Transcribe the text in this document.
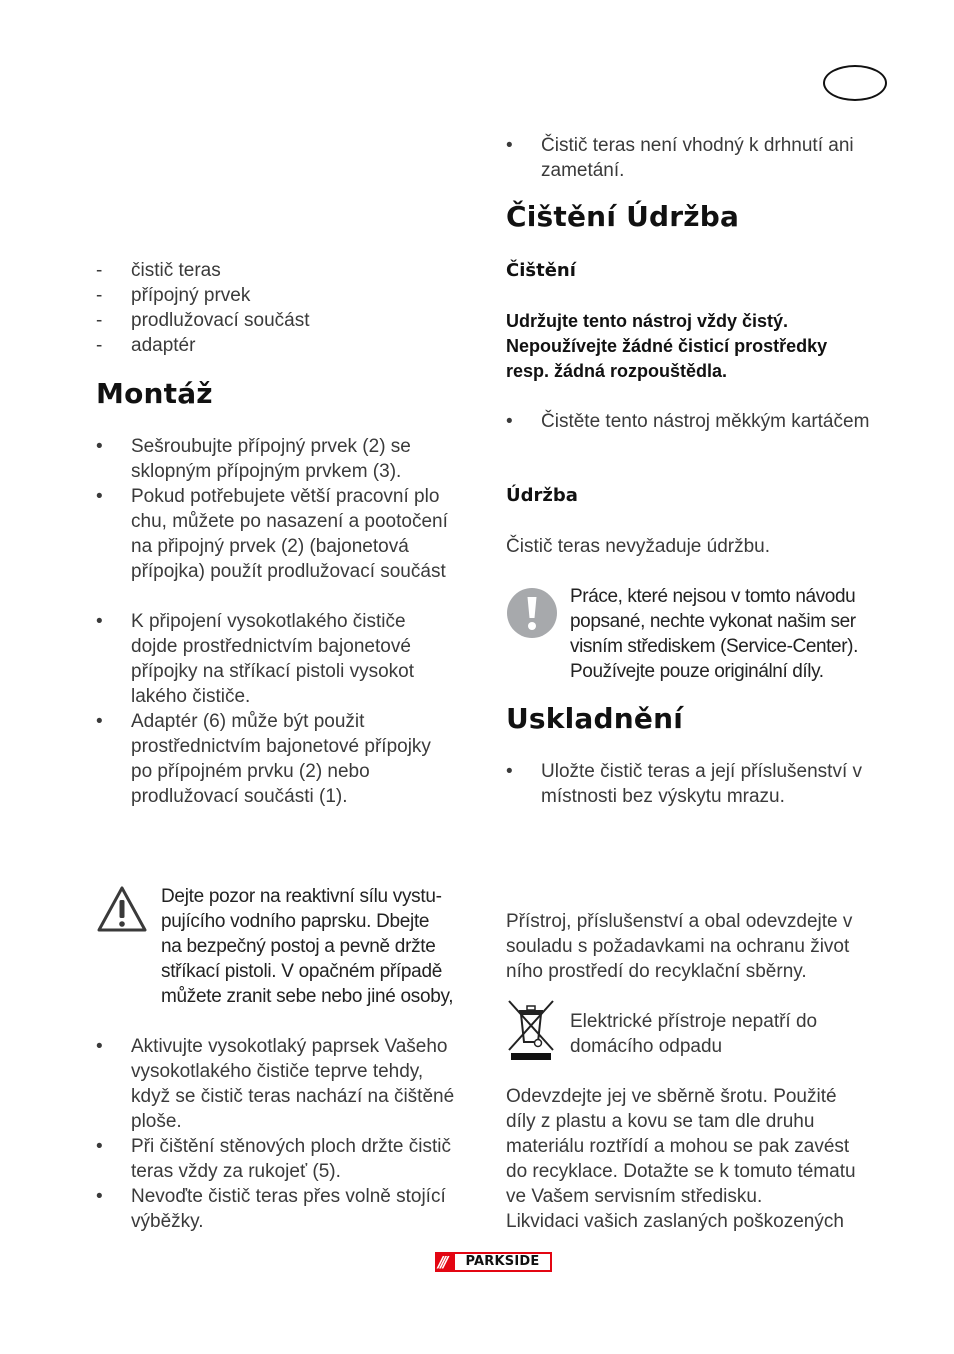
- čistič teras
- přípojný prvek
- prodlužovací součást
- adaptér
Montáž
• Sešroubujte přípojný prvek (2) se
sklopným přípojným prvkem (3).
• Pokud potřebujete větší pracovní plo
chu, můžete po nasazení a pootočení
na připojný prvek (2) (bajonetová
přípojka) použít prodlužovací součást
• K připojení vysokotlakého čističe
dojde prostřednictvím bajonetové
přípojky na stříkací pistoli vysokot
lakého čističe.
• Adaptér (6) může být použit
prostřednictvím bajonetové přípojky
po přípojném prvku (2) nebo
prodlužovací součásti (1).
Dejte pozor na reaktivní sílu vystu-
pujícího vodního paprsku. Dbejte
na bezpečný postoj a pevně držte
stříkací pistoli. V opačném případě
můžete zranit sebe nebo jiné osoby,
• Aktivujte vysokotlaký paprsek Vašeho
vysokotlakého čističe teprve tehdy,
když se čistič teras nachází na čištěné
ploše.
• Při čištění stěnových ploch držte čistič
teras vždy za rukojeť (5).
• Nevoďte čistič teras přes volně stojící
výběžky.
• Čistič teras není vhodný k drhnutí ani
zametání.
Čištění Údržba
Čištění
Udržujte tento nástroj vždy čistý.
Nepoužívejte žádné čisticí prostředky
resp. žádná rozpouštědla.
• Čistěte tento nástroj měkkým kartáčem
Údržba
Čistič teras nevyžaduje údržbu.
Práce, které nejsou v tomto návodu
popsané, nechte vykonat našim ser
visním střediskem (Service-Center).
Používejte pouze originální díly.
Uskladnění
• Uložte čistič teras a její příslušenství v
místnosti bez výskytu mrazu.
Přístroj, příslušenství a obal odevzdejte v
souladu s požadavkami na ochranu život
ního prostředí do recyklační sběrny.
Elektrické přístroje nepatří do
domácího odpadu
Odevzdejte jej ve sběrně šrotu. Použité
díly z plastu a kovu se tam dle druhu
materiálu roztřídí a mohou se pak zavést
do recyklace. Dotažte se k tomuto tématu
ve Vašem servisním středisku.
Likvidaci vašich zaslaných poškozených
///	PARKSIDE
